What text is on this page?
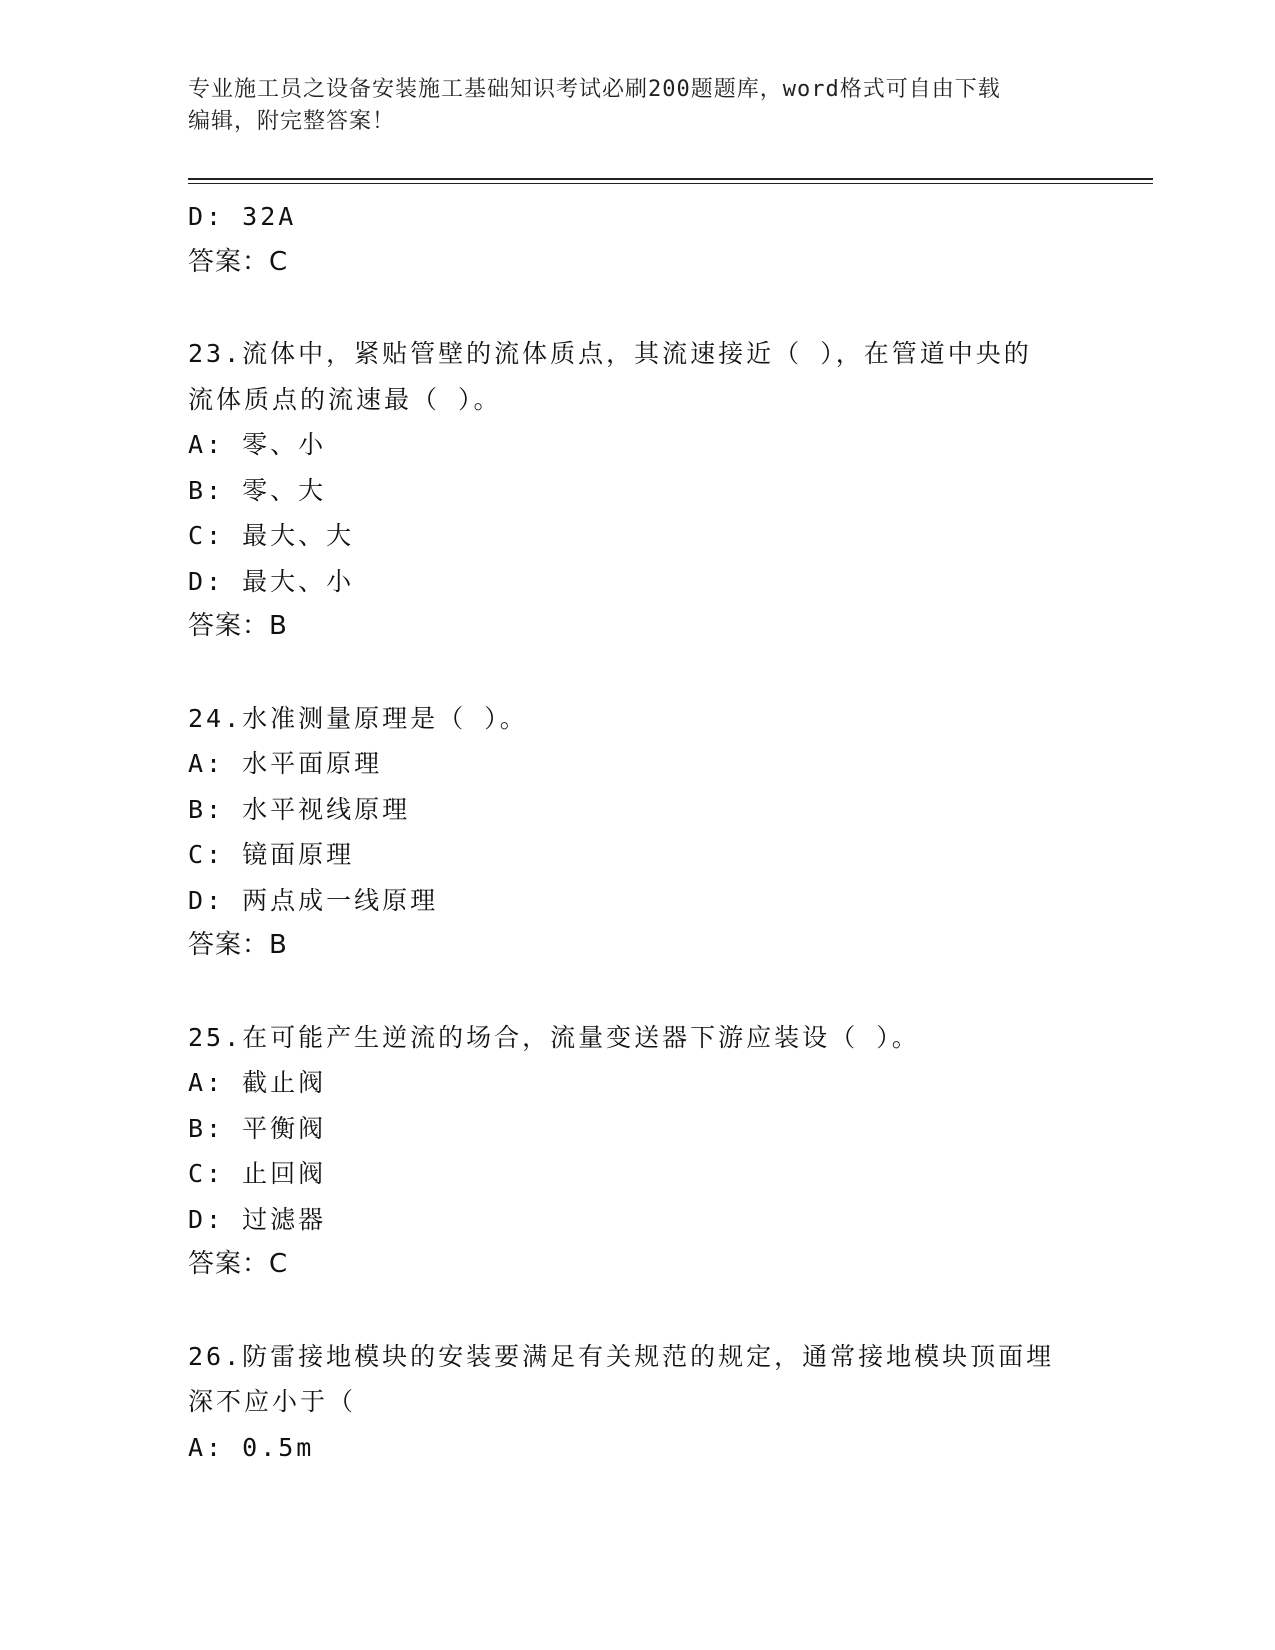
专业施工员之设备安装施工基础知识考试必刷200题题库，word格式可自由下载
编辑，附完整答案！
D: 32A
答案：C
23.流体中，紧贴管壁的流体质点，其流速接近（ ），在管道中央的
流体质点的流速最（ ）。
A: 零、小
B: 零、大
C: 最大、大
D: 最大、小
答案：B
24.水准测量原理是（ ）。
A: 水平面原理
B: 水平视线原理
C: 镜面原理
D: 两点成一线原理
答案：B
25.在可能产生逆流的场合，流量变送器下游应装设（ ）。
A: 截止阀
B: 平衡阀
C: 止回阀
D: 过滤器
答案：C
26.防雷接地模块的安装要满足有关规范的规定，通常接地模块顶面埋
深不应小于（
A: 0.5m
